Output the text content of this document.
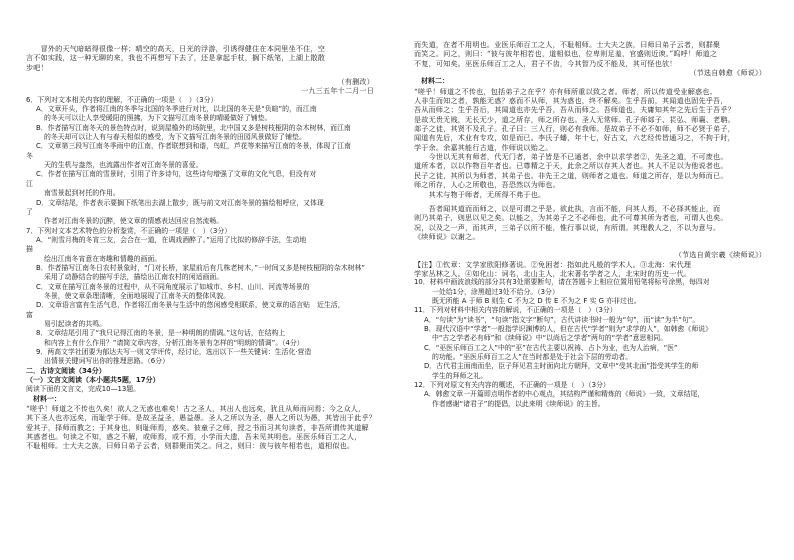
　　冒外的天气暗暗得很像一样；晴空的高天，日光的浮游，引诱得健住在本同里坐不住，空
言不如实践，这一种无聊的来，我也不再想写下去了，还是拿起手杖，搁下纸笔，上湖上散散
步吧！
（有删改）
一九三五年十二月一日
6．下列对文本相关内容的理解，不正确的一项是（　）（3分）
A．文章开头，作者将江南的冬季与北国的冬季进行对比，以北国的冬天是“负暄”的，而江南
的冬天可以让人享受暖阳的照拂，为下文描写江南冬景的晴暖做好了铺垫。
B．作者描写江南冬天的景色特点时，说到屋檐外的场院里，北中国又多是树枝桠阴的杂木树林，而江南
的冬天却可以让人有与春天相似的感受，为下文描写江南冬景的田园风景做好了铺垫。
C．文章第三段写江南冬季雨中的江南，作者联想到和谐，鸟虹，芦花等来描写江南的冬景，体现了江南
冬
天的生机与盎然，也流露出作者对江南冬景的喜爱。
C．作者在描写江南的雪景时，引用了许多诗句，这些诗句增强了文章的文化气息，但没有对
江
南雪景起到衬托的作用。
D．文章结尾，作者表示要搁下纸笔出去湖上散步，既与前文对江南冬景的描绘相呼应，又体现
了
作者对江南冬景的沉醉，使文章的情感表达回应自然流畅。
7．下列对文本艺术特色的分析鉴赏，不正确的一项是（　）（3分）
A．“则雪月梅的冬宵三友，会合在一道，在调戏酒醉了。”运用了比拟的修辞手法，生动地
描
绘出江南冬宵意在寄趣和情趣的画面。
B．作者描写江南冬日农村景象时，“门对长桥，家屋前后有几株老树木，”一时间又多是树枝桠阴的杂木树林”
采用了动静结合的描写手法，描绘出江南农村的闲适画面。
C．文章在描写江南冬景的过程中，从不同角度展示了如城市、乡村、山川、河流等场景的
冬景，使文章条理清晰，全面地展现了江南冬天的整体风貌。
D．文章语言富有生活气息，作者将江南冬景与生活中的悠闲感受相联系，使文章的语言贴　近生活，
富
易引起读者的共鸣。
8．文章结尾引用了“我只记得江南的冬景，是一种明朗的情调。”这句话，在结构上
和内容上有什么作用？”请简文章内容，分析江南冬景有怎样的“明朗的情调”。（4分）
9．两高文学社团要为郁达夫写一则文学评传，经讨论，选出以下一些关键词：生活化·营造
出情景关键词写出你的推理思路。（6分）
二．古诗文阅读（34分）
（一）文言文阅读（本小题共5题，17分）
阅读下面的文言文，完成10—13题。
　材料一：
“嗟乎！师道之不传也久矣！欲人之无惑也难矣！古之圣人，其出人也远矣，犹且从师而问焉；今之众人，
其下圣人也亦远矣，而耻学于师。是故圣益圣，愚益愚。圣人之所以为圣，愚人之所以为愚，其皆出于此乎？
爱其子，择师而教之；于其身也，则耻师焉，惑矣。彼童子之师，授之书而习其句读者，非吾所谓传其道解
其惑者也。句读之不知，惑之不解，或师焉，或不焉，小学而大遗，吾未见其明也。巫医乐师百工之人，
不耻相师。士大夫之族，曰师曰弟子云者，则群聚而笑之。问之，则曰：彼与彼年相若也，道相似也。
而失道，在者不用明也。业医乐师百工之人，不耻相师。士大夫之族，曰师曰弟子云者，则群聚
而笑之。问之，则曰：“彼与彼年相若也，道相似也，位卑则足羞，官盛则近谀。”呜呼！师道之
不复，可知矣。巫医乐师百工之人，君子不齿，今其智乃反不能及，其可怪也欤！
（节选自韩愈《师说》）
　材料二：
“嗟乎！师道之不传也，包括弟子之在乎？亦有师所重以致之者。师者，所以传道受业解惑也。
人非生而知之者，孰能无惑？惑而不从师，其为惑也，终不解矣。生乎吾前，其闻道也固先乎吾，
吾从而师之；生乎吾后，其闻道也亦先乎吾，吾从而师之。吾师道也，夫庸知其年之先后生于吾乎？
是故无贵无贱，无长无少，道之所存，师之所存也。圣人无常师。孔子师郯子、苌弘、师襄、老聃。
郯子之徒，其贤不及孔子。孔子曰：三人行，则必有我师。是故弟子不必不如师，师不必贤于弟子，
闻道有先后，术业有专攻，如是而已。李氏子蟠，年十七，好古文，六艺经传皆通习之，不拘于时，
学于余。余嘉其能行古道，作师说以贻之。
　　今世以无其有师者，代无门者，弟子皆是不已通者，余中以求学者②，先圣之道，不可废也。
道所本者，以以作物百年者也。已尊精之于天，此余之所以存其人者也。其人不足以为他说者也。
民子之徒，其所以为师者，其弟子也。非先王之道，则师者之道也。师道之所存，是以为师而已。
师之所存，人心之所敬也，吾恐然以为师也。
　　其术与物于师者，无所得不弗于也。
　　吾者闻其道而而师之，以是可谓之乎是。欲此执，言而不能，问其人焉，不必择其能止，而
则乃其弟子，则思以见之矣。以能之，为其弟子之不必师也，此不可尊其所为者也，可谓人也矣。
况，以及之一声，而其声，三弟子以所不能，惟行事以说，有所谓。其理教人之，不以为意与。
《续师说》以谢之。
（节选自黄宗羲《续师说》）
【注】①钦章：文学家欧阳修著说。②免困者：指如此凡般的学术人。③北海：宋代理
学家丛林之人。④如化山：词名，北山主人，北宋著名学者之人，北宋时的历史一代。
10．材料中画波浪线的部分共有3处需要断句，请在答题卡上相应位置用铅笔将标号涂黑，每四对
一处给1分，涂黑超过3处不给分。（3分）
既无所能 A 于师 B 则生 C 不为之 D 传 E 不为之 F 实 G 亦非过也。
11．下列对材料中相关内容的解说，不正确的一项是（　）（3分）
A．“句读”为“读书”，“句读”指文字“断句”，古代讲读书时一般为“句”，而“读”为半“句”。
B．现代汉语中“学者”一般指学识渊博的人，但在古代“学者”则为“求学的人”，如韩愈《师说》
中“古之学者必有师”和《续师说》中“以尚后之学者”两句的“学者”意思相同。
C．“巫医乐师百工之人”中的“巫”在古代主要以祝祷、占卜为业，也为人治病，“医”
的功能。“巫医乐师百工之人”在当时都是处于社会下层的劳动者。
D．古代君主面南而坐，臣子拜见君主时面向北方朝拜，文章中“受其北面”指受其学生的师
学生的拜师之礼。
12．下列对原文有关内容的概述，不正确的一项是（　）（3分）
A．韩愈文章一开篇即点明作者的中心观点，其结构严谨和精炼的《师说》一致，文章结尾，
作者感谢“诸君子”的提倡，以此来明《续师说》的主旨。
